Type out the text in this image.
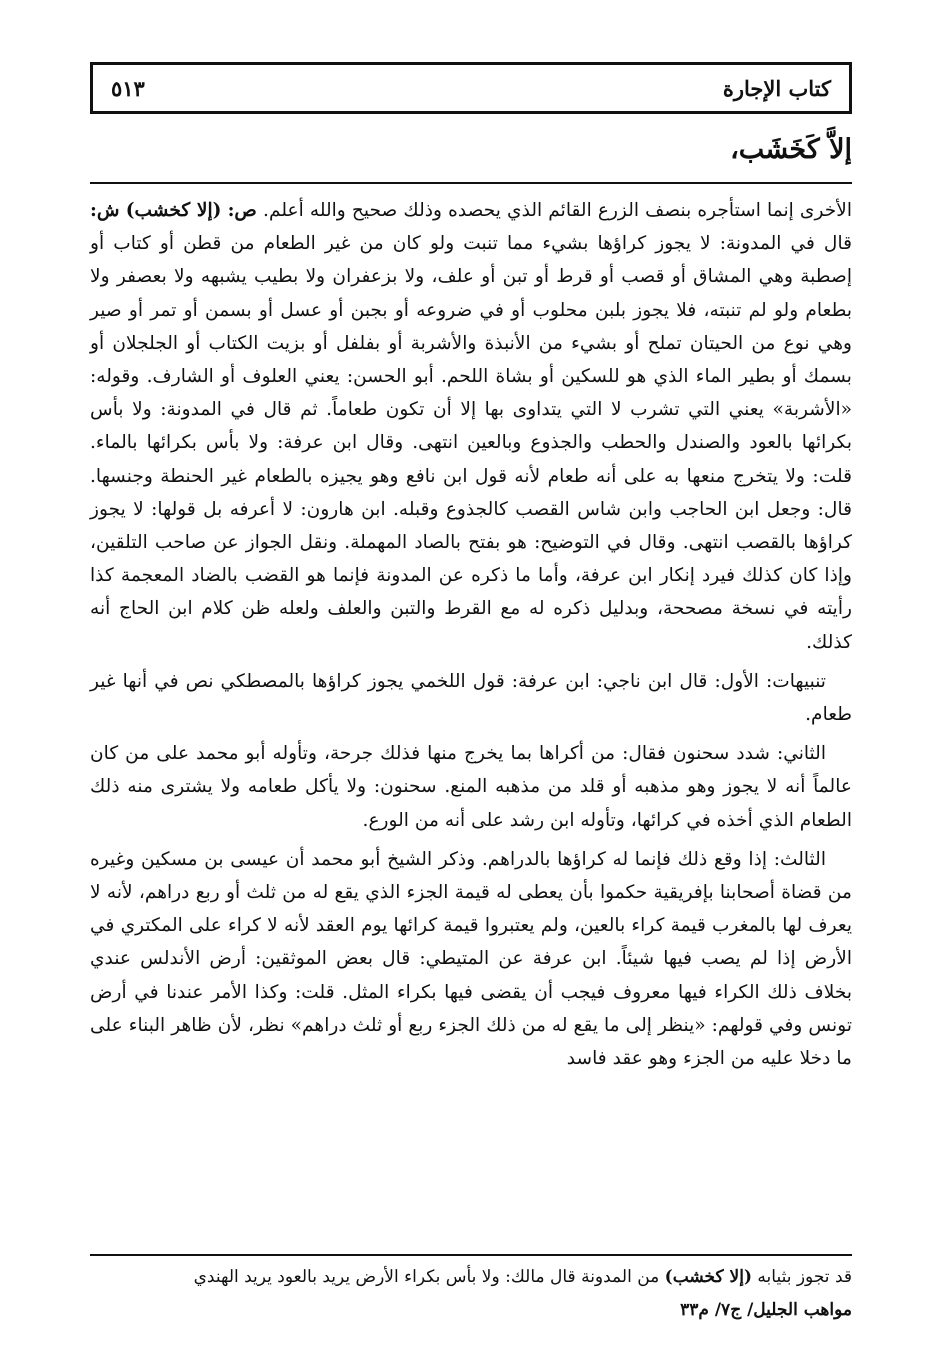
كتاب الإجارة
٥١٣
إلاَّ كَخَشَب،

الأخرى إنما استأجره بنصف الزرع القائم الذي يحصده وذلك صحيح والله أعلم. ص: (إلا كخشب) ش: قال في المدونة: لا يجوز كراؤها بشيء مما تنبت ولو كان من غير الطعام من قطن أو كتاب أو إصطبة وهي المشاق أو قصب أو قرط أو تبن أو علف، ولا بزعفران ولا بطيب يشبهه ولا بعصفر ولا بطعام ولو لم تنبته، فلا يجوز بلبن محلوب أو في ضروعه أو بجبن أو عسل أو بسمن أو تمر أو صير وهي نوع من الحيتان تملح أو بشيء من الأنبذة والأشربة أو بفلفل أو بزيت الكتاب أو الجلجلان أو بسمك أو بطير الماء الذي هو للسكين أو بشاة اللحم. أبو الحسن: يعني العلوف أو الشارف. وقوله: «الأشربة» يعني التي تشرب لا التي يتداوى بها إلا أن تكون طعاماً. ثم قال في المدونة: ولا بأس بكرائها بالعود والصندل والحطب والجذوع وبالعين انتهى. وقال ابن عرفة: ولا بأس بكرائها بالماء. قلت: ولا يتخرج منعها به على أنه طعام لأنه قول ابن نافع وهو يجيزه بالطعام غير الحنطة وجنسها. قال: وجعل ابن الحاجب وابن شاس القصب كالجذوع وقبله. ابن هارون: لا أعرفه بل قولها: لا يجوز كراؤها بالقصب انتهى. وقال في التوضيح: هو بفتح بالصاد المهملة. ونقل الجواز عن صاحب التلقين، وإذا كان كذلك فيرد إنكار ابن عرفة، وأما ما ذكره عن المدونة فإنما هو القضب بالضاد المعجمة كذا رأيته في نسخة مصححة، وبدليل ذكره له مع القرط والتبن والعلف ولعله ظن كلام ابن الحاج أنه كذلك.

تنبيهات: الأول: قال ابن ناجي: ابن عرفة: قول اللخمي يجوز كراؤها بالمصطكي نص في أنها غير طعام.

الثاني: شدد سحنون فقال: من أكراها بما يخرج منها فذلك جرحة، وتأوله أبو محمد على من كان عالماً أنه لا يجوز وهو مذهبه أو قلد من مذهبه المنع. سحنون: ولا يأكل طعامه ولا يشترى منه ذلك الطعام الذي أخذه في كرائها، وتأوله ابن رشد على أنه من الورع.

الثالث: إذا وقع ذلك فإنما له كراؤها بالدراهم. وذكر الشيخ أبو محمد أن عيسى بن مسكين وغيره من قضاة أصحابنا بإفريقية حكموا بأن يعطى له قيمة الجزء الذي يقع له من ثلث أو ربع دراهم، لأنه لا يعرف لها بالمغرب قيمة كراء بالعين، ولم يعتبروا قيمة كرائها يوم العقد لأنه لا كراء على المكتري في الأرض إذا لم يصب فيها شيئاً. ابن عرفة عن المتيطي: قال بعض الموثقين: أرض الأندلس عندي بخلاف ذلك الكراء فيها معروف فيجب أن يقضى فيها بكراء المثل. قلت: وكذا الأمر عندنا في أرض تونس وفي قولهم: «ينظر إلى ما يقع له من ذلك الجزء ربع أو ثلث دراهم» نظر، لأن ظاهر البناء على ما دخلا عليه من الجزء وهو عقد فاسد

قد تجوز بثيابه (إلا كخشب) من المدونة قال مالك: ولا بأس بكراء الأرض يريد بالعود يريد الهندي
مواهب الجليل/ ج٧/ م٣٣
